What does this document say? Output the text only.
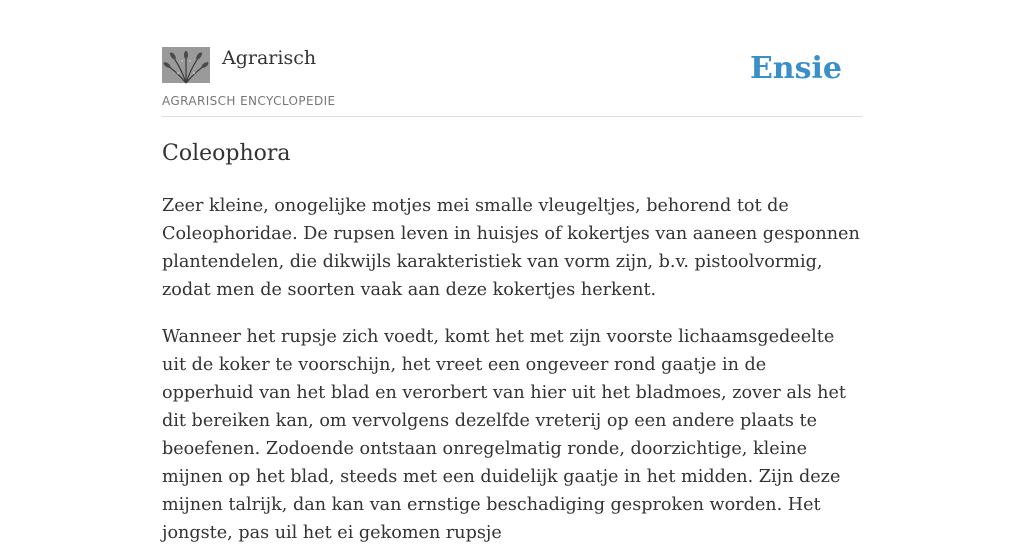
Agrarisch
AGRARISCH ENCYCLOPEDIE
Ensie
Coleophora

Zeer kleine, onogelijke motjes mei smalle vleugeltjes, behorend tot de Coleophoridae. De rupsen leven in huisjes of kokertjes van aaneen gesponnen plantendelen, die dikwijls karakteristiek van vorm zijn, b.v. pistoolvormig, zodat men de soorten vaak aan deze kokertjes herkent.

Wanneer het rupsje zich voedt, komt het met zijn voorste lichaamsgedeelte uit de koker te voorschijn, het vreet een ongeveer rond gaatje in de opperhuid van het blad en verorbert van hier uit het bladmoes, zover als het dit bereiken kan, om vervolgens dezelfde vreterij op een andere plaats te beoefenen. Zodoende ontstaan onregelmatig ronde, doorzichtige, kleine mijnen op het blad, steeds met een duidelijk gaatje in het midden. Zijn deze mijnen talrijk, dan kan van ernstige beschadiging gesproken worden. Het jongste, pas uil het ei gekomen rupsje
